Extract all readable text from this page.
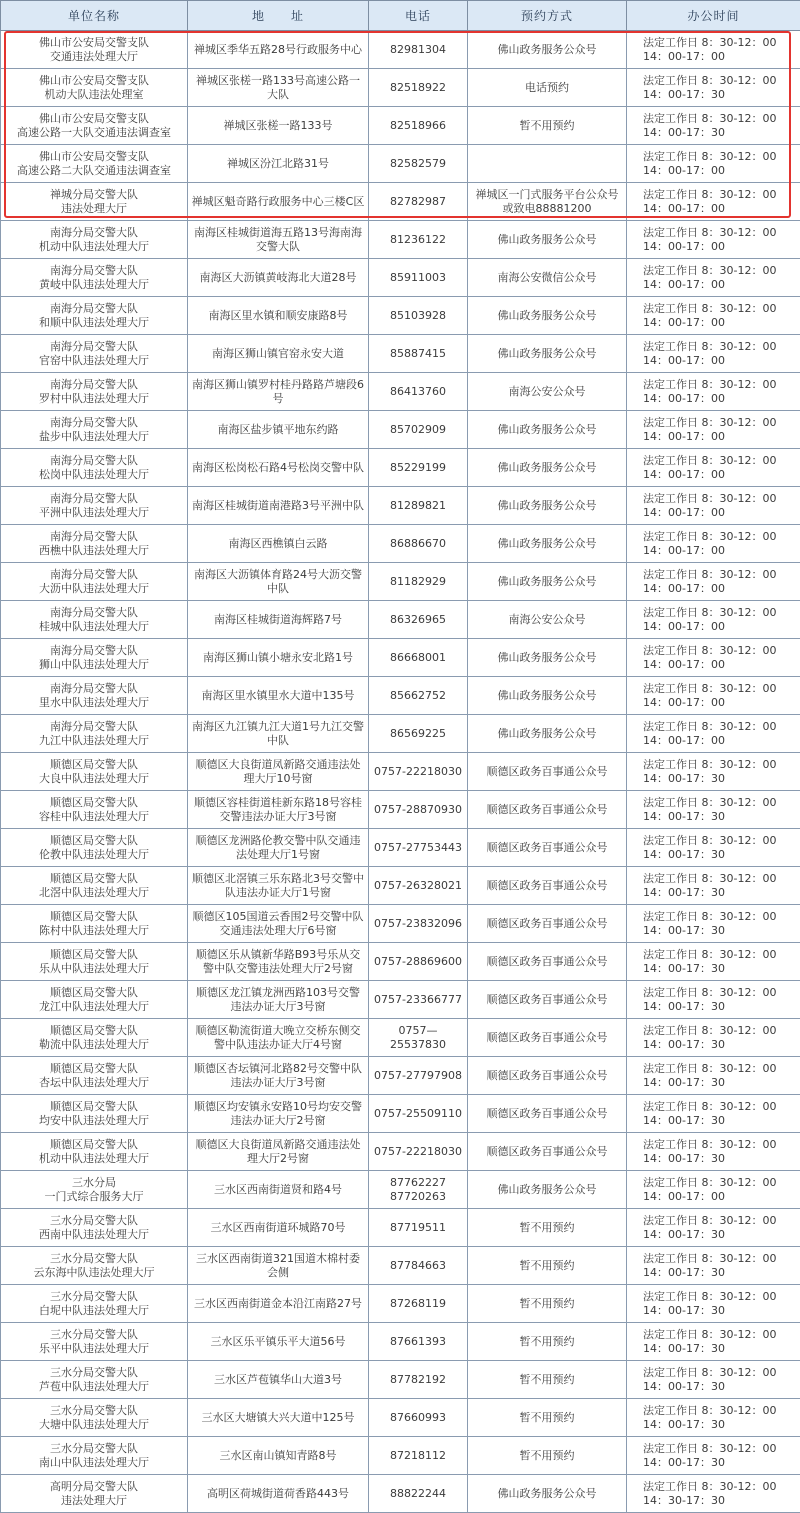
单位名称	地　　址	电话	预约方式	办公时间
佛山市公安局交警支队
交通违法处理大厅	禅城区季华五路28号行政服务中心	82981304	佛山政务服务公众号	法定工作日 8：30-12：00
14：00-17：00
佛山市公安局交警支队
机动大队违法处理室	禅城区张槎一路133号高速公路一大队	82518922	电话预约	法定工作日 8：30-12：00
14：00-17：30
佛山市公安局交警支队
高速公路一大队交通违法调查室	禅城区张槎一路133号	82518966	暂不用预约	法定工作日 8：30-12：00
14：00-17：30
佛山市公安局交警支队
高速公路二大队交通违法调查室	禅城区汾江北路31号	82582579		法定工作日 8：30-12：00
14：00-17：00
禅城分局交警大队
违法处理大厅	禅城区魁奇路行政服务中心三楼C区	82782987	禅城区一门式服务平台公众号
或致电88881200	法定工作日 8：30-12：00
14：00-17：00
南海分局交警大队
机动中队违法处理大厅	南海区桂城街道海五路13号海南海交警大队	81236122	佛山政务服务公众号	法定工作日 8：30-12：00
14：00-17：00
南海分局交警大队
黄岐中队违法处理大厅	南海区大沥镇黄岐海北大道28号	85911003	南海公安微信公众号	法定工作日 8：30-12：00
14：00-17：00
南海分局交警大队
和顺中队违法处理大厅	南海区里水镇和顺安康路8号	85103928	佛山政务服务公众号	法定工作日 8：30-12：00
14：00-17：00
南海分局交警大队
官窑中队违法处理大厅	南海区狮山镇官窑永安大道	85887415	佛山政务服务公众号	法定工作日 8：30-12：00
14：00-17：00
南海分局交警大队
罗村中队违法处理大厅	南海区狮山镇罗村桂丹路路芦塘段6号	86413760	南海公安公众号	法定工作日 8：30-12：00
14：00-17：00
南海分局交警大队
盐步中队违法处理大厅	南海区盐步镇平地东约路	85702909	佛山政务服务公众号	法定工作日 8：30-12：00
14：00-17：00
南海分局交警大队
松岗中队违法处理大厅	南海区松岗松石路4号松岗交警中队	85229199	佛山政务服务公众号	法定工作日 8：30-12：00
14：00-17：00
南海分局交警大队
平洲中队违法处理大厅	南海区桂城街道南港路3号平洲中队	81289821	佛山政务服务公众号	法定工作日 8：30-12：00
14：00-17：00
南海分局交警大队
西樵中队违法处理大厅	南海区西樵镇白云路	86886670	佛山政务服务公众号	法定工作日 8：30-12：00
14：00-17：00
南海分局交警大队
大沥中队违法处理大厅	南海区大沥镇体育路24号大沥交警中队	81182929	佛山政务服务公众号	法定工作日 8：30-12：00
14：00-17：00
南海分局交警大队
桂城中队违法处理大厅	南海区桂城街道海辉路7号	86326965	南海公安公众号	法定工作日 8：30-12：00
14：00-17：00
南海分局交警大队
狮山中队违法处理大厅	南海区狮山镇小塘永安北路1号	86668001	佛山政务服务公众号	法定工作日 8：30-12：00
14：00-17：00
南海分局交警大队
里水中队违法处理大厅	南海区里水镇里水大道中135号	85662752	佛山政务服务公众号	法定工作日 8：30-12：00
14：00-17：00
南海分局交警大队
九江中队违法处理大厅	南海区九江镇九江大道1号九江交警中队	86569225	佛山政务服务公众号	法定工作日 8：30-12：00
14：00-17：00
顺德区局交警大队
大良中队违法处理大厅	顺德区大良街道凤新路交通违法处理大厅10号窗	0757-22218030	顺德区政务百事通公众号	法定工作日 8：30-12：00
14：00-17：30
顺德区局交警大队
容桂中队违法处理大厅	顺德区容桂街道桂新东路18号容桂交警违法办证大厅3号窗	0757-28870930	顺德区政务百事通公众号	法定工作日 8：30-12：00
14：00-17：30
顺德区局交警大队
伦教中队违法处理大厅	顺德区龙洲路伦教交警中队交通违法处理大厅1号窗	0757-27753443	顺德区政务百事通公众号	法定工作日 8：30-12：00
14：00-17：30
顺德区局交警大队
北滘中队违法处理大厅	顺德区北滘镇三乐东路北3号交警中队违法办证大厅1号窗	0757-26328021	顺德区政务百事通公众号	法定工作日 8：30-12：00
14：00-17：30
顺德区局交警大队
陈村中队违法处理大厅	顺德区105国道云香围2号交警中队交通违法处理大厅6号窗	0757-23832096	顺德区政务百事通公众号	法定工作日 8：30-12：00
14：00-17：30
顺德区局交警大队
乐从中队违法处理大厅	顺德区乐从镇新华路B93号乐从交警中队交警违法处理大厅2号窗	0757-28869600	顺德区政务百事通公众号	法定工作日 8：30-12：00
14：00-17：30
顺德区局交警大队
龙江中队违法处理大厅	顺德区龙江镇龙洲西路103号交警违法办证大厅3号窗	0757-23366777	顺德区政务百事通公众号	法定工作日 8：30-12：00
14：00-17：30
顺德区局交警大队
勒流中队违法处理大厅	顺德区勒流街道大晚立交桥东侧交警中队违法办证大厅4号窗	0757—25537830	顺德区政务百事通公众号	法定工作日 8：30-12：00
14：00-17：30
顺德区局交警大队
杏坛中队违法处理大厅	顺德区杏坛镇河北路82号交警中队违法办证大厅3号窗	0757-27797908	顺德区政务百事通公众号	法定工作日 8：30-12：00
14：00-17：30
顺德区局交警大队
均安中队违法处理大厅	顺德区均安镇永安路10号均安交警违法办证大厅2号窗	0757-25509110	顺德区政务百事通公众号	法定工作日 8：30-12：00
14：00-17：30
顺德区局交警大队
机动中队违法处理大厅	顺德区大良街道凤新路交通违法处理大厅2号窗	0757-22218030	顺德区政务百事通公众号	法定工作日 8：30-12：00
14：00-17：30
三水分局
一门式综合服务大厅	三水区西南街道贤和路4号	87762227
87720263	佛山政务服务公众号	法定工作日 8：30-12：00
14：00-17：00
三水分局交警大队
西南中队违法处理大厅	三水区西南街道环城路70号	87719511	暂不用预约	法定工作日 8：30-12：00
14：00-17：30
三水分局交警大队
云东海中队违法处理大厅	三水区西南街道321国道木棉村委会侧	87784663	暂不用预约	法定工作日 8：30-12：00
14：00-17：30
三水分局交警大队
白坭中队违法处理大厅	三水区西南街道金本沿江南路27号	87268119	暂不用预约	法定工作日 8：30-12：00
14：00-17：30
三水分局交警大队
乐平中队违法处理大厅	三水区乐平镇乐平大道56号	87661393	暂不用预约	法定工作日 8：30-12：00
14：00-17：30
三水分局交警大队
芦苞中队违法处理大厅	三水区芦苞镇华山大道3号	87782192	暂不用预约	法定工作日 8：30-12：00
14：00-17：30
三水分局交警大队
大塘中队违法处理大厅	三水区大塘镇大兴大道中125号	87660993	暂不用预约	法定工作日 8：30-12：00
14：00-17：30
三水分局交警大队
南山中队违法处理大厅	三水区南山镇知青路8号	87218112	暂不用预约	法定工作日 8：30-12：00
14：00-17：30
高明分局交警大队
违法处理大厅	高明区荷城街道荷香路443号	88822244	佛山政务服务公众号	法定工作日 8：30-12：00
14：30-17：30
